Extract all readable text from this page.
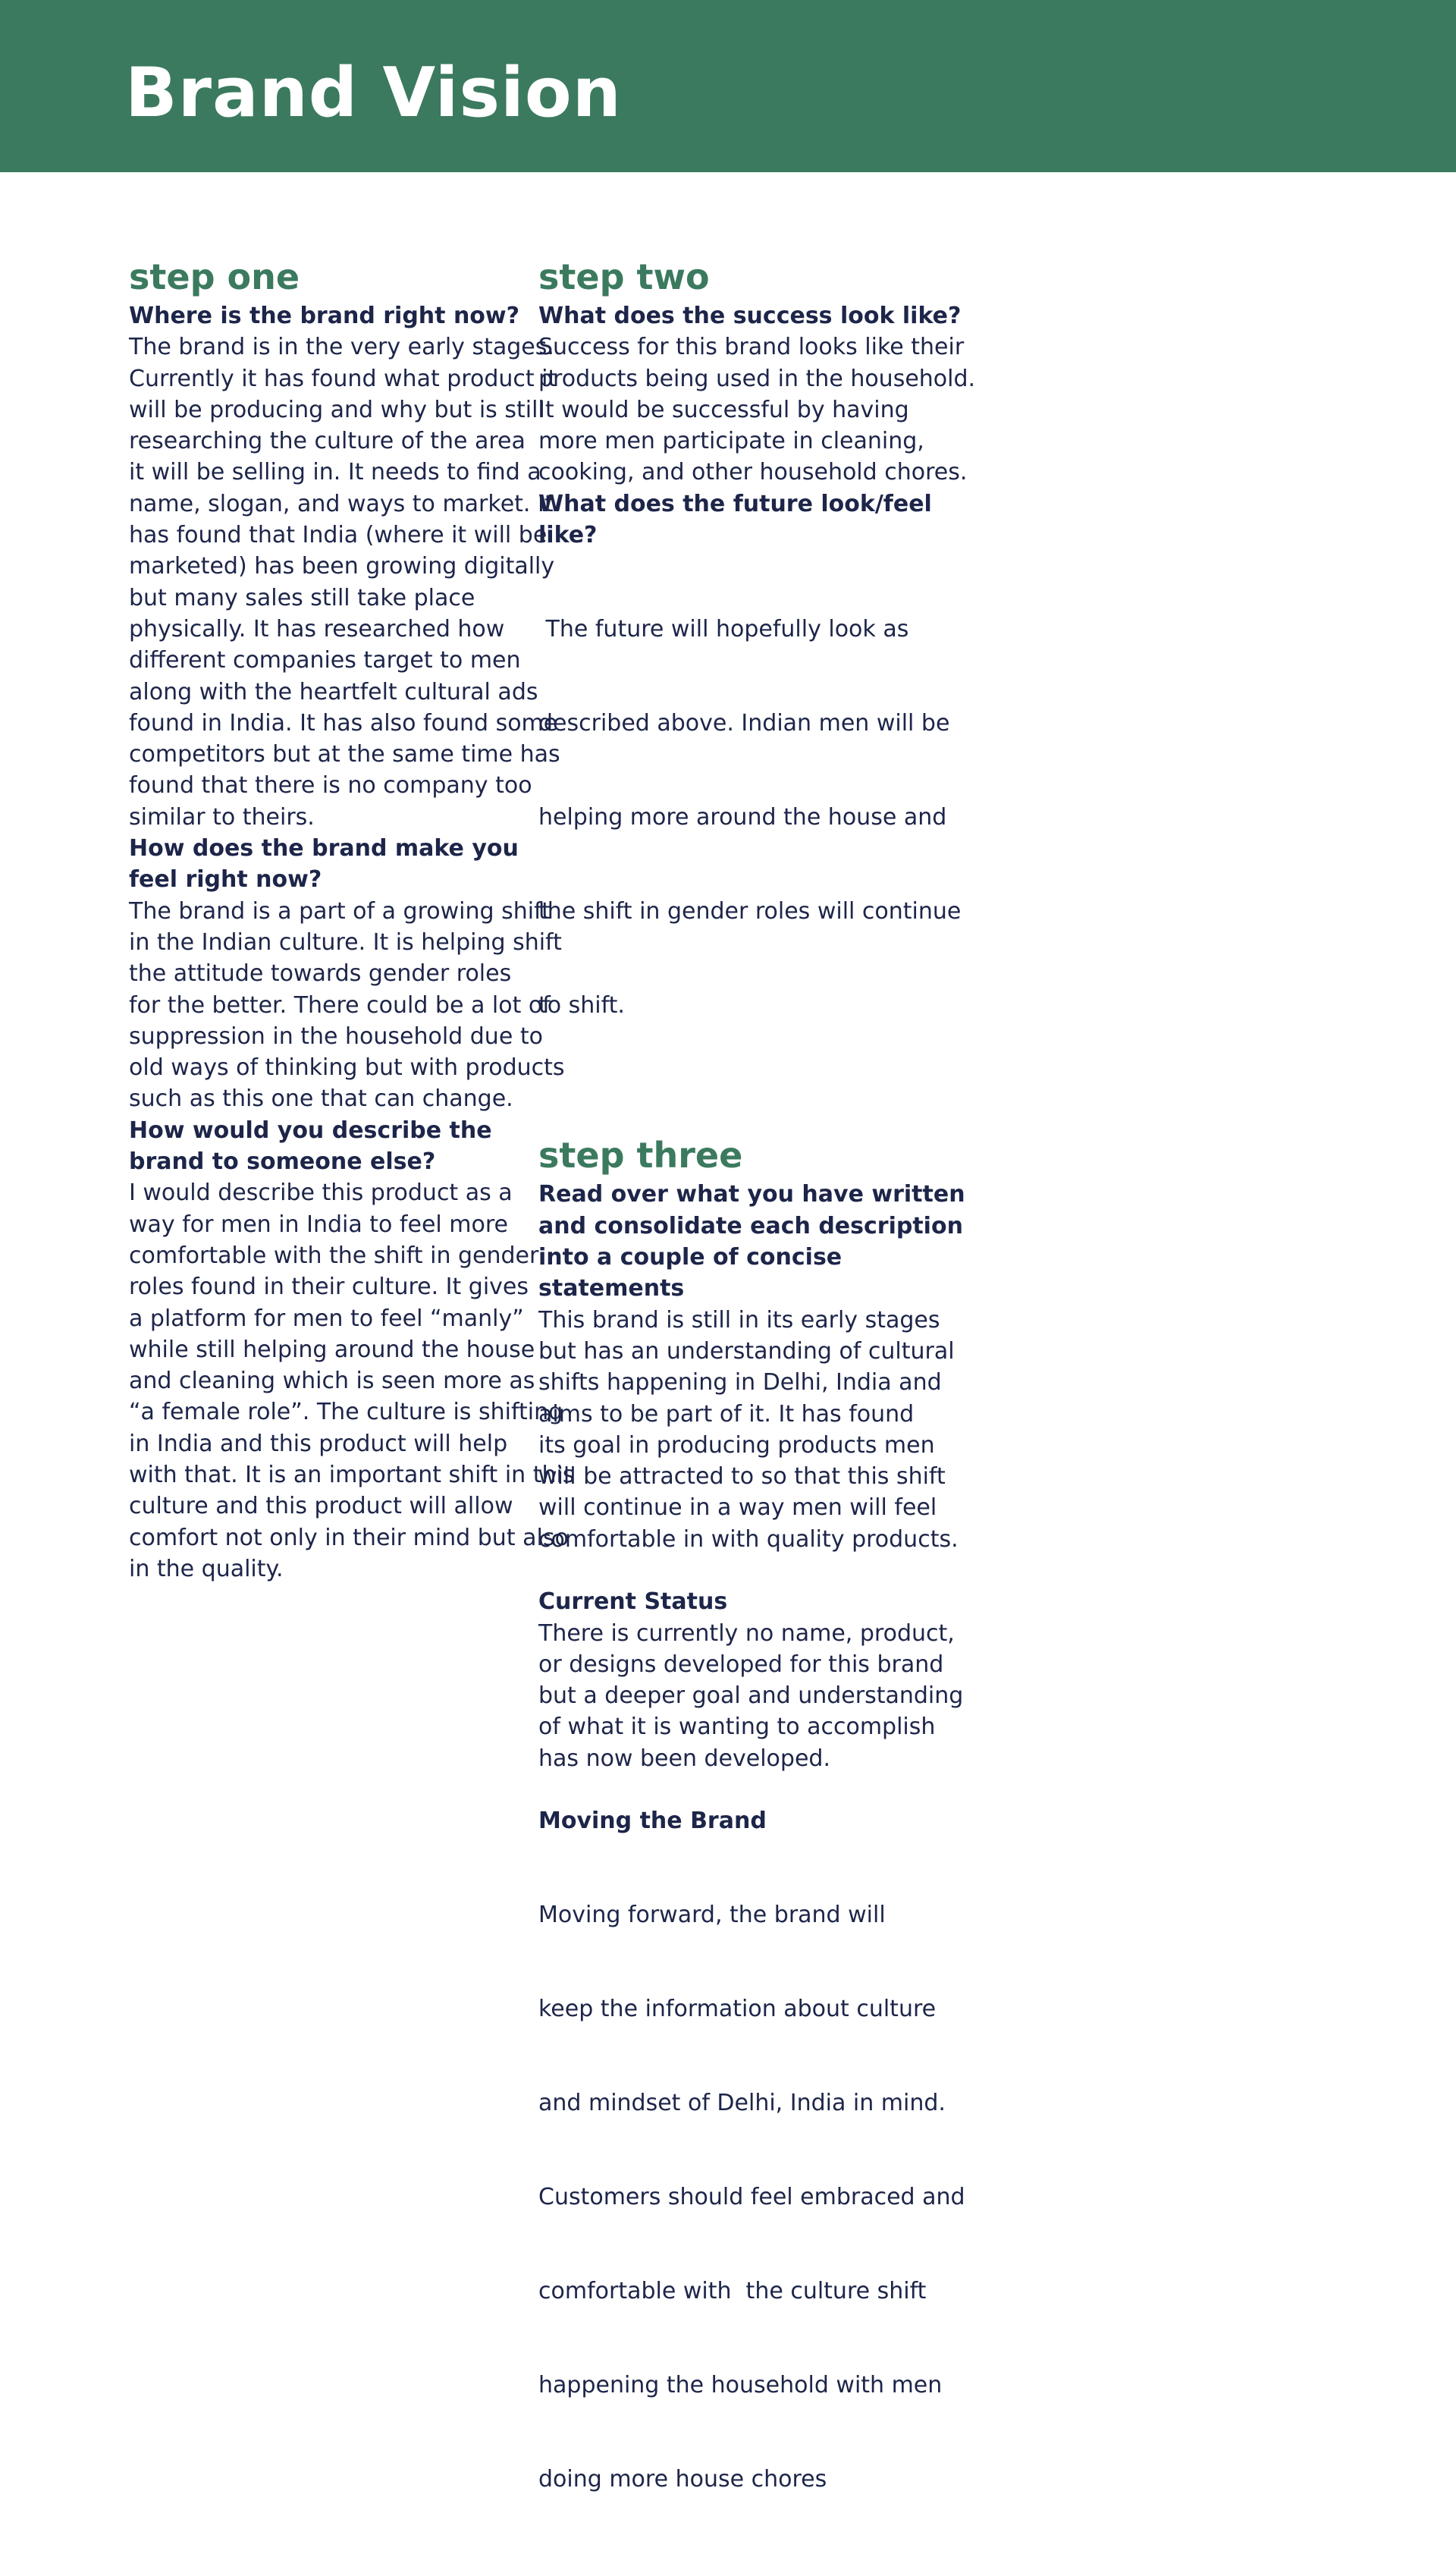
Brand Vision
step one
Where is the brand right now?
The brand is in the very early stages.
Currently it has found what product it
will be producing and why but is still
researching the culture of the area
it will be selling in. It needs to find a
name, slogan, and ways to market. It
has found that India (where it will be
marketed) has been growing digitally
but many sales still take place
physically. It has researched how
different companies target to men
along with the heartfelt cultural ads
found in India. It has also found some
competitors but at the same time has
found that there is no company too
similar to theirs.
How does the brand make you
feel right now?
The brand is a part of a growing shift
in the Indian culture. It is helping shift
the attitude towards gender roles
for the better. There could be a lot of
suppression in the household due to
old ways of thinking but with products
such as this one that can change.
How would you describe the
brand to someone else?
I would describe this product as a
way for men in India to feel more
comfortable with the shift in gender
roles found in their culture. It gives
a platform for men to feel “manly”
while still helping around the house
and cleaning which is seen more as
“a female role”. The culture is shifting
in India and this product will help
with that. It is an important shift in this
culture and this product will allow
comfort not only in their mind but also
in the quality.
step two
What does the success look like?
Success for this brand looks like their
products being used in the household.
It would be successful by having
more men participate in cleaning,
cooking, and other household chores.
What does the future look/feel
like?

The future will hopefully look as

described above. Indian men will be

helping more around the house and

the shift in gender roles will continue

to shift.

step three
Read over what you have written
and consolidate each description
into a couple of concise
statements
This brand is still in its early stages
but has an understanding of cultural
shifts happening in Delhi, India and
aims to be part of it. It has found
its goal in producing products men
will be attracted to so that this shift
will continue in a way men will feel
comfortable in with quality products.
Current Status
There is currently no name, product,
or designs developed for this brand
but a deeper goal and understanding
of what it is wanting to accomplish
has now been developed.
Moving the Brand

Moving forward, the brand will

keep the information about culture

and mindset of Delhi, India in mind.

Customers should feel embraced and

comfortable with  the culture shift

happening the household with men

doing more house chores
